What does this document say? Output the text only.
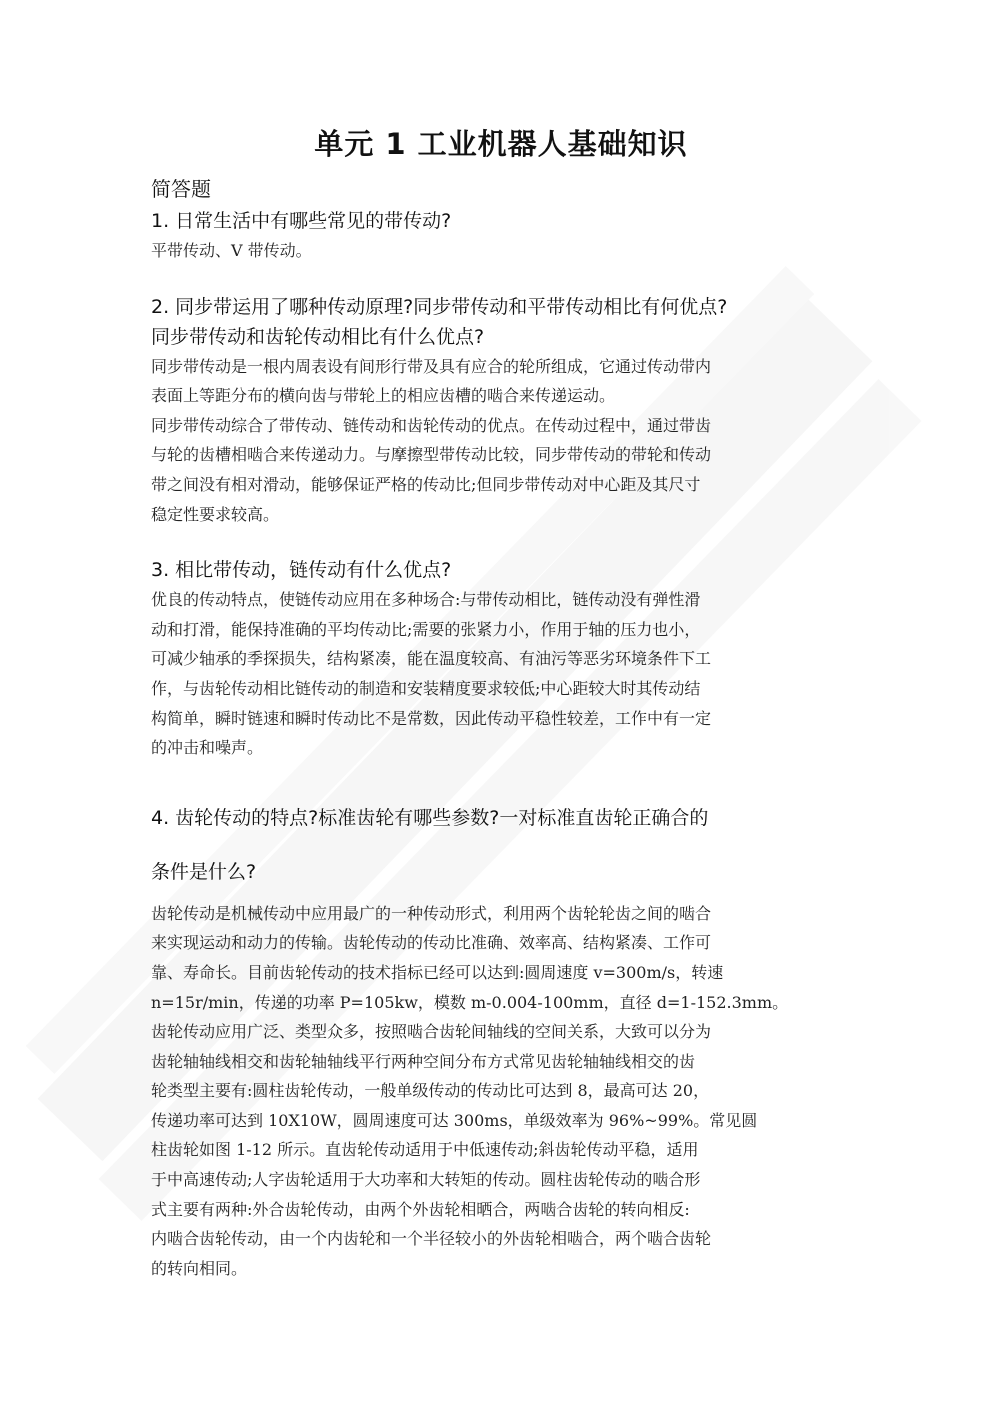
单元 1 工业机器人基础知识
简答题

1. 日常生活中有哪些常见的带传动?

平带传动、V 带传动。

2. 同步带运用了哪种传动原理?同步带传动和平带传动相比有何优点?

同步带传动和齿轮传动相比有什么优点?

同步带传动是一根内周表设有间形行带及具有应合的轮所组成，它通过传动带内

表面上等距分布的横向齿与带轮上的相应齿槽的啮合来传递运动。

同步带传动综合了带传动、链传动和齿轮传动的优点。在传动过程中，通过带齿

与轮的齿槽相啮合来传递动力。与摩擦型带传动比较，同步带传动的带轮和传动

带之间没有相对滑动，能够保证严格的传动比;但同步带传动对中心距及其尺寸

稳定性要求较高。

3. 相比带传动，链传动有什么优点?

优良的传动特点，使链传动应用在多种场合:与带传动相比，链传动没有弹性滑

动和打滑，能保持准确的平均传动比;需要的张紧力小，作用于轴的压力也小，

可减少轴承的季探损失，结构紧凑，能在温度较高、有油污等恶劣环境条件下工

作，与齿轮传动相比链传动的制造和安装精度要求较低;中心距较大时其传动结

构简单，瞬时链速和瞬时传动比不是常数，因此传动平稳性较差，工作中有一定

的冲击和噪声。

4. 齿轮传动的特点?标准齿轮有哪些参数?一对标准直齿轮正确合的

条件是什么?

齿轮传动是机械传动中应用最广的一种传动形式，利用两个齿轮轮齿之间的啮合

来实现运动和动力的传输。齿轮传动的传动比准确、效率高、结构紧凑、工作可

靠、寿命长。目前齿轮传动的技术指标已经可以达到:圆周速度 v=300m/s，转速

n=15r/min，传递的功率 P=105kw，模数 m-0.004-100mm，直径 d=1-152.3mm。

齿轮传动应用广泛、类型众多，按照啮合齿轮间轴线的空间关系，大致可以分为

齿轮轴轴线相交和齿轮轴轴线平行两种空间分布方式常见齿轮轴轴线相交的齿

轮类型主要有:圆柱齿轮传动，一般单级传动的传动比可达到 8，最高可达 20，

传递功率可达到 10X10W，圆周速度可达 300ms，单级效率为 96%~99%。常见圆

柱齿轮如图 1-12 所示。直齿轮传动适用于中低速传动;斜齿轮传动平稳，适用

于中高速传动;人字齿轮适用于大功率和大转矩的传动。圆柱齿轮传动的啮合形

式主要有两种:外合齿轮传动，由两个外齿轮相晒合，两啮合齿轮的转向相反:

内啮合齿轮传动，由一个内齿轮和一个半径较小的外齿轮相啮合，两个啮合齿轮

的转向相同。
